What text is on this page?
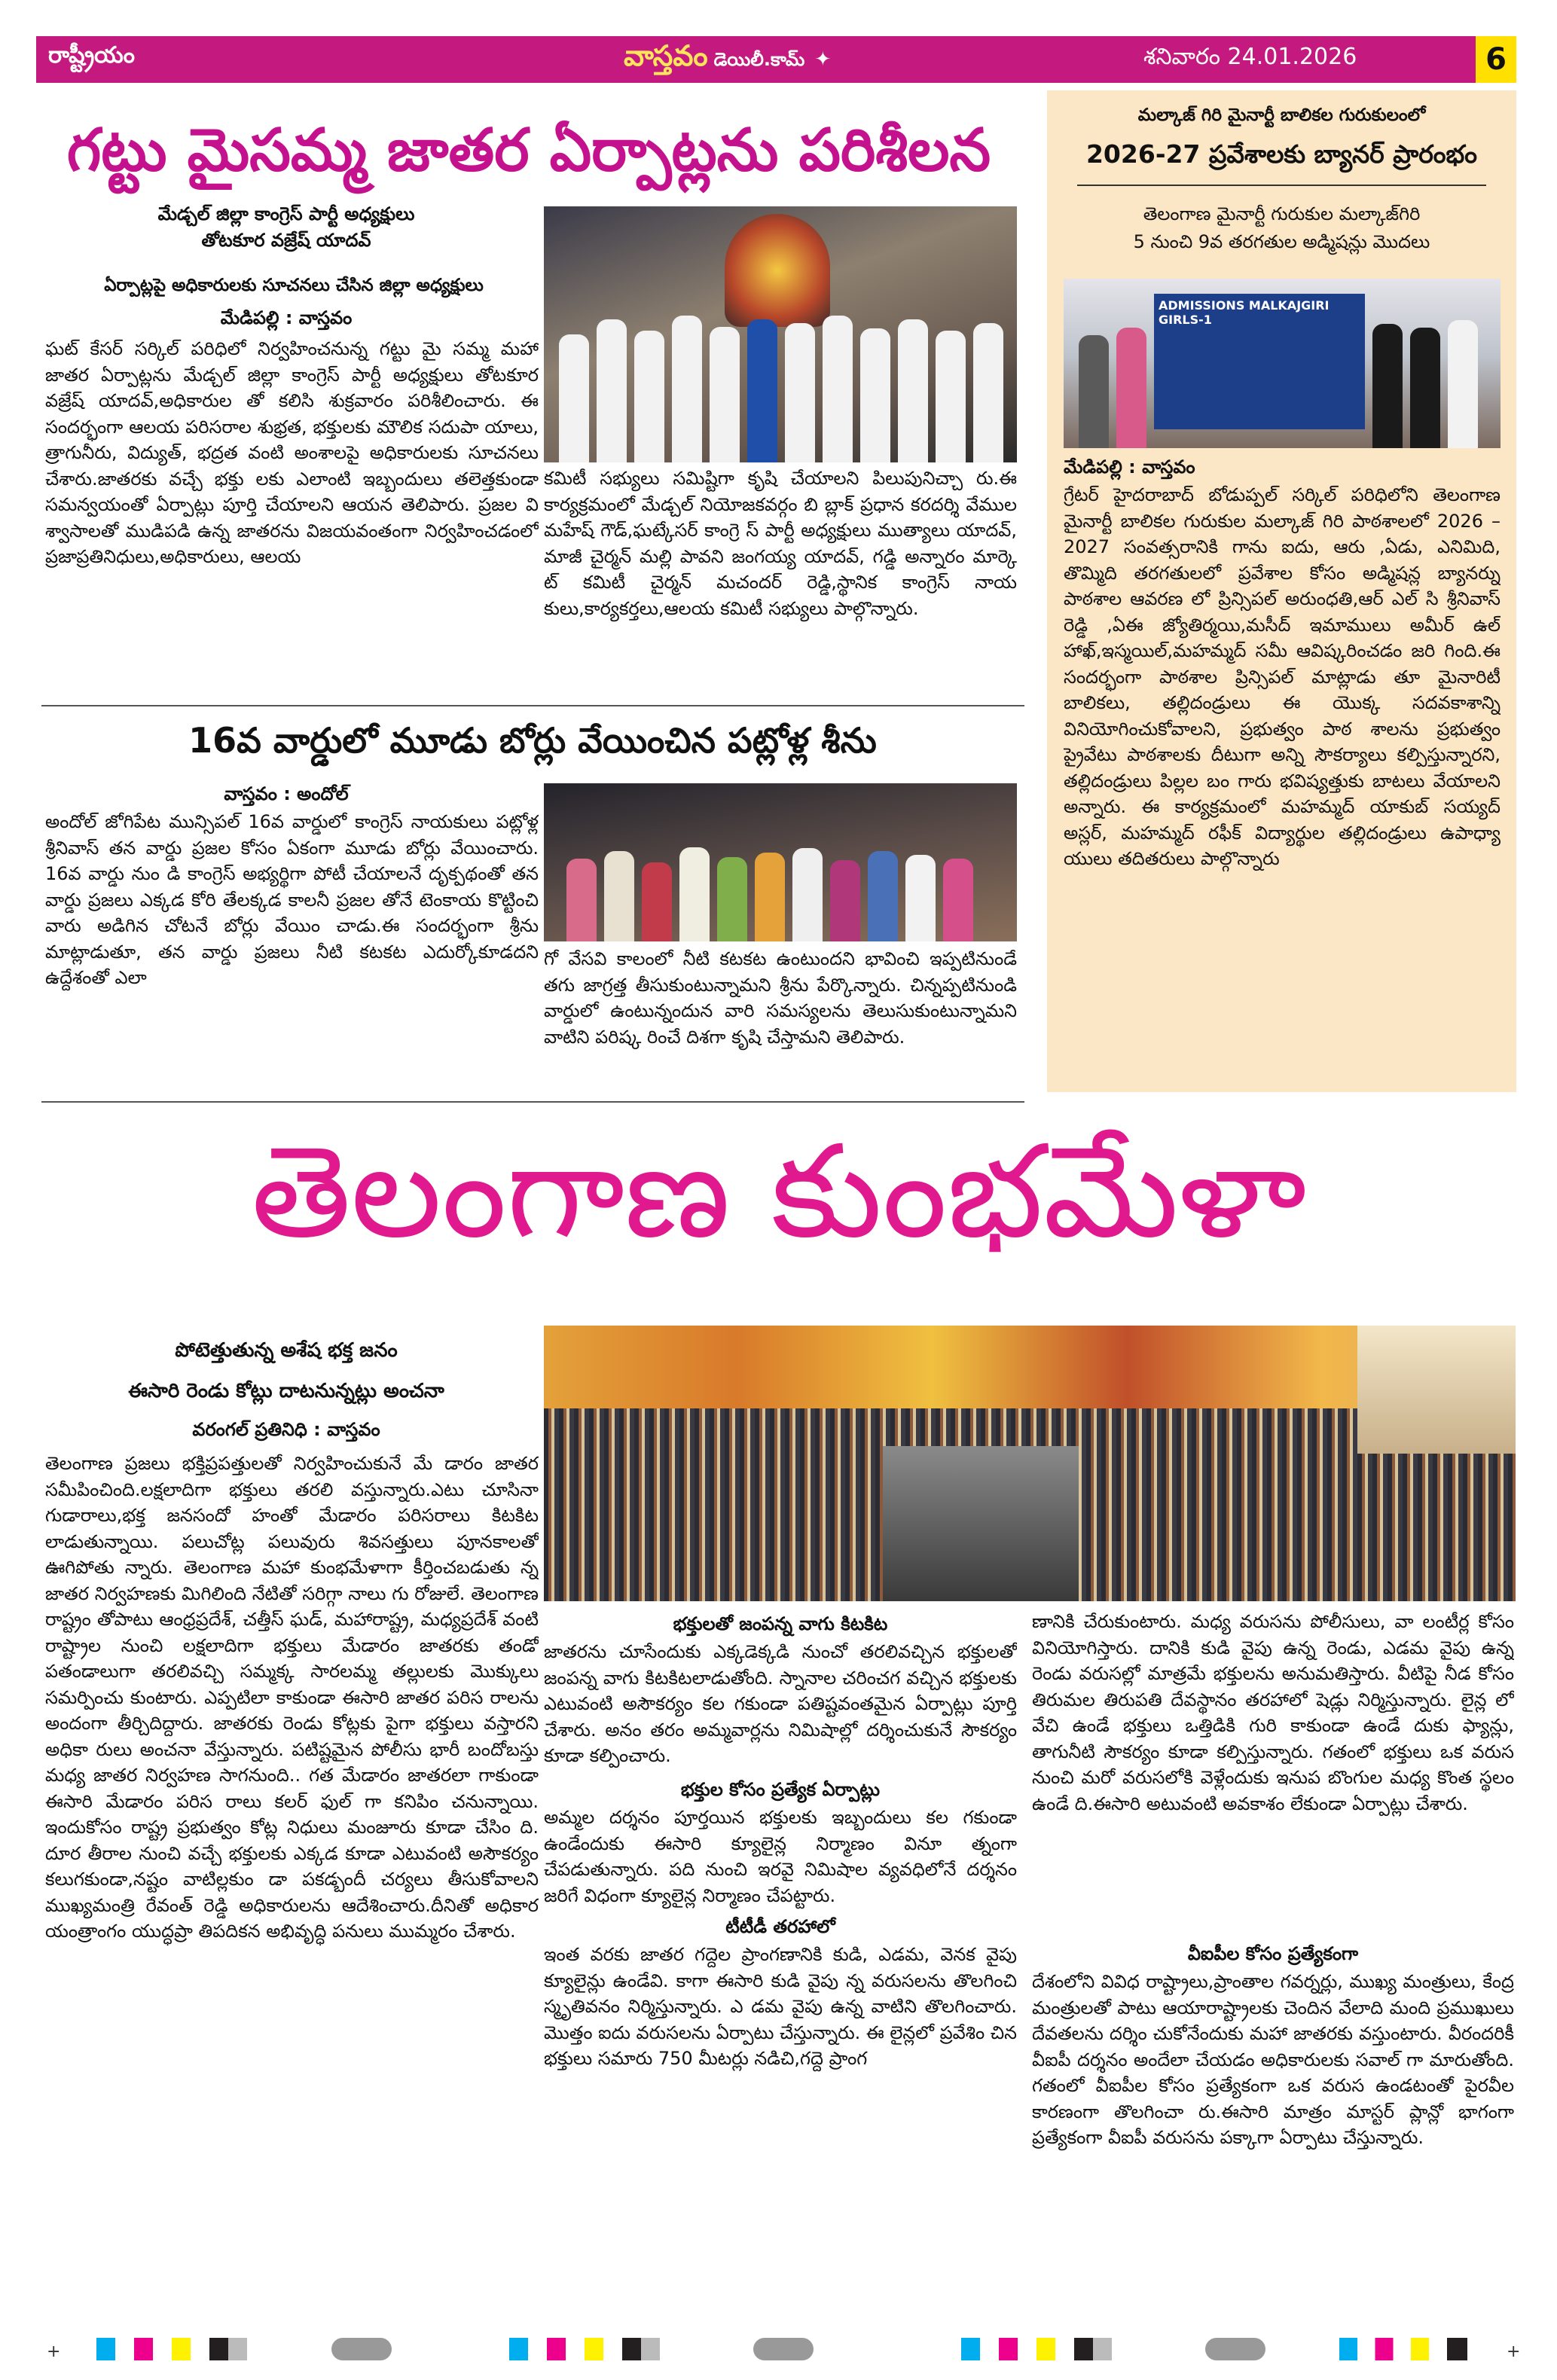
రాష్ట్రీయం	వాస్తవం డెయిలీ.కామ్ ✦	శనివారం 24.01.2026	6
గట్టు మైసమ్మ జాతర ఏర్పాట్లను పరిశీలన
మేడ్చల్ జిల్లా కాంగ్రెస్ పార్టీ అధ్యక్షులు
తోటకూర వజ్రేష్ యాదవ్
ఏర్పాట్లపై అధికారులకు సూచనలు చేసిన జిల్లా అధ్యక్షులు
మేడిపల్లి : వాస్తవం
ఘట్ కేసర్ సర్కిల్ పరిధిలో నిర్వహించనున్న గట్టు మై సమ్మ మహా జాతర ఏర్పాట్లను మేడ్చల్ జిల్లా కాంగ్రెస్ పార్టీ అధ్యక్షులు తోటకూర వజ్రేష్ యాదవ్,అధికారుల తో కలిసి శుక్రవారం పరిశీలించారు. ఈ సందర్భంగా ఆలయ పరిసరాల శుభ్రత, భక్తులకు మౌలిక సదుపా యాలు, త్రాగునీరు, విద్యుత్, భద్రత వంటి అంశాలపై అధికారులకు సూచనలు చేశారు.జాతరకు వచ్చే భక్తు లకు ఎలాంటి ఇబ్బందులు తలెత్తకుండా సమన్వయంతో ఏర్పాట్లు పూర్తి చేయాలని ఆయన తెలిపారు. ప్రజల వి శ్వాసాలతో ముడిపడి ఉన్న జాతరను విజయవంతంగా నిర్వహించడంలో ప్రజాప్రతినిధులు,అధికారులు, ఆలయ
కమిటీ సభ్యులు సమిష్టిగా కృషి చేయాలని పిలుపునిచ్చా రు.ఈ కార్యక్రమంలో మేడ్చల్ నియోజకవర్గం బి బ్లాక్ ప్రధాన కరదర్శి వేముల మహేష్ గౌడ్,ఘట్కేసర్ కాంగ్రె స్ పార్టీ అధ్యక్షులు ముత్యాలు యాదవ్, మాజీ చైర్మన్ మల్లి పావని జంగయ్య యాదవ్, గడ్డి అన్నారం మార్కె ట్ కమిటీ చైర్మన్ మచందర్ రెడ్డి,స్థానిక కాంగ్రెస్ నాయ కులు,కార్యకర్తలు,ఆలయ కమిటీ సభ్యులు పాల్గొన్నారు.
16వ వార్డులో మూడు బోర్లు వేయించిన పట్లోళ్ల శీను
వాస్తవం : అందోల్
అందోల్ జోగిపేట మున్సిపల్ 16వ వార్డులో కాంగ్రెస్ నాయకులు పట్లోళ్ల శ్రీనివాస్ తన వార్డు ప్రజల కోసం ఏకంగా మూడు బోర్లు వేయించారు. 16వ వార్డు నుం డి కాంగ్రెస్ అభ్యర్థిగా పోటీ చేయాలనే దృక్పథంతో తన వార్డు ప్రజలు ఎక్కడ కోరి తేలక్కడ కాలనీ ప్రజల తోనే టెంకాయ కొట్టించి వారు అడిగిన చోటనే బోర్లు వేయిం చాడు.ఈ సందర్భంగా శ్రీను మాట్లాడుతూ, తన వార్డు ప్రజలు నీటి కటకట ఎదుర్కోకూడదని ఉద్దేశంతో ఎలా
గో వేసవి కాలంలో నీటి కటకట ఉంటుందని భావించి ఇప్పటినుండే తగు జాగ్రత్త తీసుకుంటున్నామని శ్రీను పేర్కొన్నారు. చిన్నప్పటినుండి వార్డులో ఉంటున్నందున వారి సమస్యలను తెలుసుకుంటున్నామని వాటిని పరిష్క రించే దిశగా కృషి చేస్తామని తెలిపారు.
మల్కాజ్ గిరి మైనార్టీ బాలికల గురుకులంలో
2026-27 ప్రవేశాలకు బ్యానర్ ప్రారంభం
తెలంగాణ మైనార్టీ గురుకుల మల్కాజ్‌గిరి
5 నుంచి 9వ తరగతుల అడ్మిషన్లు మొదలు
ADMISSIONS MALKAJGIRI GIRLS-1
మేడిపల్లి : వాస్తవం
గ్రేటర్ హైదరాబాద్ బోడుప్పల్ సర్కిల్ పరిధిలోని తెలంగాణ మైనార్టీ బాలికల గురుకుల మల్కాజ్ గిరి పాఠశాలలో 2026 – 2027 సంవత్సరానికి గాను ఐదు, ఆరు ,ఏడు, ఎనిమిది, తొమ్మిది తరగతులలో ప్రవేశాల కోసం అడ్మిషన్ల బ్యానర్ను పాఠశాల ఆవరణ లో ప్రిన్సిపల్ అరుంధతి,ఆర్ ఎల్ సి శ్రీనివాస్ రెడ్డి ,ఏఈ జ్యోతిర్మయి,మసీద్ ఇమాములు అమీర్ ఉల్ హాఖ్,ఇస్మయిల్,మహమ్మద్ సమీ ఆవిష్కరించడం జరి గింది.ఈ సందర్భంగా పాఠశాల ప్రిన్సిపల్ మాట్లాడు తూ మైనారిటీ బాలికలు, తల్లిదండ్రులు ఈ యొక్క సదవకాశాన్ని వినియోగించుకోవాలని, ప్రభుత్వం పాఠ శాలను ప్రభుత్వం ప్రైవేటు పాఠశాలకు దీటుగా అన్ని సౌకర్యాలు కల్పిస్తున్నారని, తల్లిదండ్రులు పిల్లల బం గారు భవిష్యత్తుకు బాటలు వేయాలని అన్నారు. ఈ కార్యక్రమంలో మహమ్మద్ యాకుబ్ సయ్యద్ అస్లర్, మహమ్మద్ రఫీక్ విద్యార్థుల తల్లిదండ్రులు ఉపాధ్యా యులు తదితరులు పాల్గొన్నారు
తెలంగాణ కుంభమేళా
పోటెత్తుతున్న అశేష భక్త జనం
ఈసారి రెండు కోట్లు దాటనున్నట్లు అంచనా
వరంగల్ ప్రతినిధి : వాస్తవం
తెలంగాణ ప్రజలు భక్తిప్రపత్తులతో నిర్వహించుకునే మే డారం జాతర సమీపించింది.లక్షలాదిగా భక్తులు తరలి వస్తున్నారు.ఎటు చూసినా గుడారాలు,భక్త జనసందో హంతో మేడారం పరిసరాలు కిటకిట లాడుతున్నాయి. పలుచోట్ల పలువురు శివసత్తులు పూనకాలతో ఊగిపోతు న్నారు. తెలంగాణ మహా కుంభమేళాగా కీర్తించబడుతు న్న జాతర నిర్వహణకు మిగిలింది నేటితో సరిగ్గా నాలు గు రోజులే. తెలంగాణ రాష్ట్రం తోపాటు ఆంధ్రప్రదేశ్, చత్తీస్ ఘడ్, మహారాష్ట్ర, మధ్యప్రదేశ్ వంటి రాష్ట్రాల నుంచి లక్షలాదిగా భక్తులు మేడారం జాతరకు తండో పతండాలుగా తరలివచ్చి సమ్మక్క సారలమ్మ తల్లులకు మొక్కులు సమర్పించు కుంటారు. ఎప్పటిలా కాకుండా ఈసారి జాతర పరిస రాలను అందంగా తీర్చిదిద్దారు. జాతరకు రెండు కోట్లకు పైగా భక్తులు వస్తారని అధికా రులు అంచనా వేస్తున్నారు. పటిష్టమైన పోలీసు భారీ బందోబస్తు మధ్య జాతర నిర్వహణ సాగనుంది.. గత మేడారం జాతరలా గాకుండా ఈసారి మేడారం పరిస రాలు కలర్ ఫుల్ గా కనిపిం చనున్నాయి. ఇందుకోసం రాష్ట్ర ప్రభుత్వం కోట్ల నిధులు మంజూరు కూడా చేసిం ది. దూర తీరాల నుంచి వచ్చే భక్తులకు ఎక్కడ కూడా ఎటువంటి అసౌకర్యం కలుగకుండా,నష్టం వాటిల్లకుం డా పకడ్బందీ చర్యలు తీసుకోవాలని ముఖ్యమంత్రి రేవంత్ రెడ్డి అధికారులను ఆదేశించారు.దీనితో అధికార యంత్రాంగం యుద్ధప్రా తిపదికన అభివృద్ధి పనులు ముమ్మరం చేశారు.
భక్తులతో జంపన్న వాగు కిటకిట
జాతరను చూసేందుకు ఎక్కడెక్కడి నుంచో తరలివచ్చిన భక్తులతో జంపన్న వాగు కిటకిటలాడుతోంది. స్నానాల చరించగ వచ్చిన భక్తులకు ఎటువంటి అసౌకర్యం కల గకుండా పతిష్టవంతమైన ఏర్పాట్లు పూర్తి చేశారు. అనం తరం అమ్మవార్లను నిమిషాల్లో దర్శించుకునే సౌకర్యం కూడా కల్పించారు.
భక్తుల కోసం ప్రత్యేక ఏర్పాట్లు
అమ్మల దర్శనం పూర్తయిన భక్తులకు ఇబ్బందులు కల గకుండా ఉండేందుకు ఈసారి క్యూలైన్ల నిర్మాణం వినూ త్నంగా చేపడుతున్నారు. పది నుంచి ఇరవై నిమిషాల వ్యవధిలోనే దర్శనం జరిగే విధంగా క్యూలైన్ల నిర్మాణం చేపట్టారు.
టీటీడీ తరహాలో
ఇంత వరకు జాతర గద్దెల ప్రాంగణానికి కుడి, ఎడమ, వెనక వైపు క్యూలైన్లు ఉండేవి. కాగా ఈసారి కుడి వైపు న్న వరుసలను తొలగించి స్మృతివనం నిర్మిస్తున్నారు. ఎ డమ వైపు ఉన్న వాటిని తొలగించారు. మొత్తం ఐదు వరుసలను ఏర్పాటు చేస్తున్నారు. ఈ లైన్లలో ప్రవేశిం చిన భక్తులు సమారు 750 మీటర్లు నడిచి,గద్దె ప్రాంగ
ణానికి చేరుకుంటారు. మధ్య వరుసను పోలీసులు, వా లంటీర్ల కోసం వినియోగిస్తారు. దానికి కుడి వైపు ఉన్న రెండు, ఎడమ వైపు ఉన్న రెండు వరుసల్లో మాత్రమే భక్తులను అనుమతిస్తారు. వీటిపై నీడ కోసం తిరుమల తిరుపతి దేవస్థానం తరహాలో షెడ్లు నిర్మిస్తున్నారు. లైన్ల లో వేచి ఉండే భక్తులు ఒత్తిడికి గురి కాకుండా ఉండే దుకు ఫ్యాన్లు, తాగునీటి సౌకర్యం కూడా కల్పిస్తున్నారు. గతంలో భక్తులు ఒక వరుస నుంచి మరో వరుసలోకి వెళ్లేందుకు ఇనుప బొంగుల మధ్య కొంత స్థలం ఉండే ది.ఈసారి అటువంటి అవకాశం లేకుండా ఏర్పాట్లు చేశారు.
వీఐపీల కోసం ప్రత్యేకంగా
దేశంలోని వివిధ రాష్ట్రాలు,ప్రాంతాల గవర్నర్లు, ముఖ్య మంత్రులు, కేంద్ర మంత్రులతో పాటు ఆయారాష్ట్రాలకు చెందిన వేలాది మంది ప్రముఖులు దేవతలను దర్శిం చుకోనేందుకు మహా జాతరకు వస్తుంటారు. వీరందరికీ వీఐపీ దర్శనం అందేలా చేయడం అధికారులకు సవాల్ గా మారుతోంది. గతంలో వీఐపీల కోసం ప్రత్యేకంగా ఒక వరుస ఉండటంతో పైరవీల కారణంగా తొలగించా రు.ఈసారి మాత్రం మాస్టర్ ప్లాన్లో భాగంగా ప్రత్యేకంగా వీఐపీ వరుసను పక్కాగా ఏర్పాటు చేస్తున్నారు.
+	+
